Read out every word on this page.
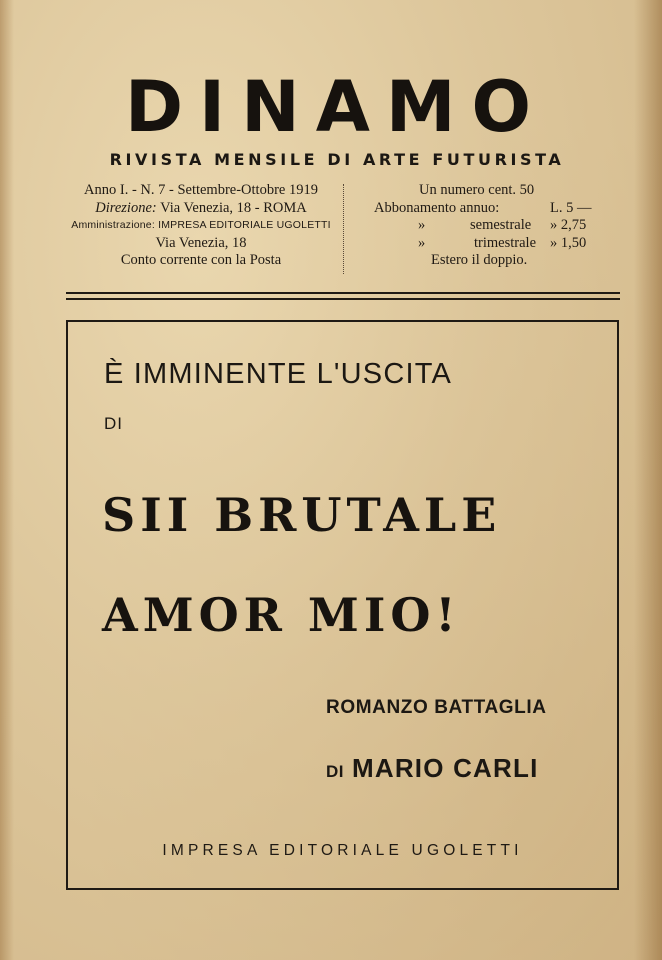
DINAMO
RIVISTA MENSILE DI ARTE FUTURISTA
Anno I. - N. 7 - Settembre-Ottobre 1919
Direzione: Via Venezia, 18 - ROMA
Amministrazione: IMPRESA EDITORIALE UGOLETTI
Via Venezia, 18
Conto corrente con la Posta
Un numero cent. 50
Abbonamento annuo:	L. 5 —
»	semestrale » 2,75
»	trimestrale » 1,50
Estero il doppio.
È IMMINENTE L'USCITA
DI
SII BRUTALE
AMOR MIO!
ROMANZO BATTAGLIA
DI MARIO CARLI
IMPRESA EDITORIALE UGOLETTI
